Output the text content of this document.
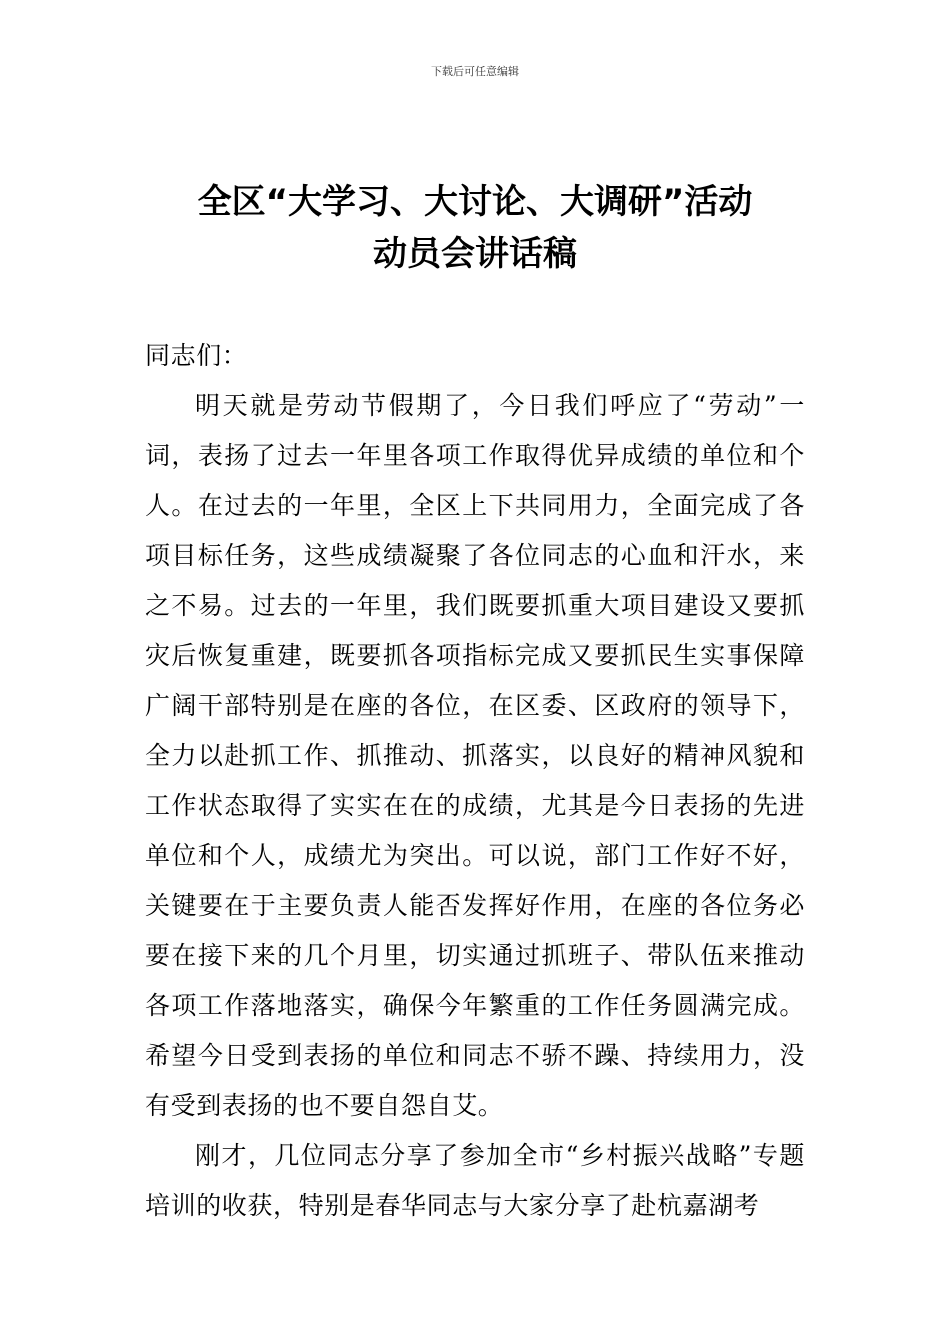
下载后可任意编辑
全区“大学习、大讨论、大调研”活动
动员会讲话稿

同志们：

明天就是劳动节假期了，今日我们呼应了“劳动”一词，表扬了过去一年里各项工作取得优异成绩的单位和个人。在过去的一年里，全区上下共同用力，全面完成了各项目标任务，这些成绩凝聚了各位同志的心血和汗水，来之不易。过去的一年里，我们既要抓重大项目建设又要抓灾后恢复重建，既要抓各项指标完成又要抓民生实事保障广阔干部特别是在座的各位，在区委、区政府的领导下，全力以赴抓工作、抓推动、抓落实，以良好的精神风貌和工作状态取得了实实在在的成绩，尤其是今日表扬的先进单位和个人，成绩尤为突出。可以说，部门工作好不好，关键要在于主要负责人能否发挥好作用，在座的各位务必要在接下来的几个月里，切实通过抓班子、带队伍来推动各项工作落地落实，确保今年繁重的工作任务圆满完成。希望今日受到表扬的单位和同志不骄不躁、持续用力，没有受到表扬的也不要自怨自艾。

刚才，几位同志分享了参加全市“乡村振兴战略”专题培训的收获，特别是春华同志与大家分享了赴杭嘉湖考
